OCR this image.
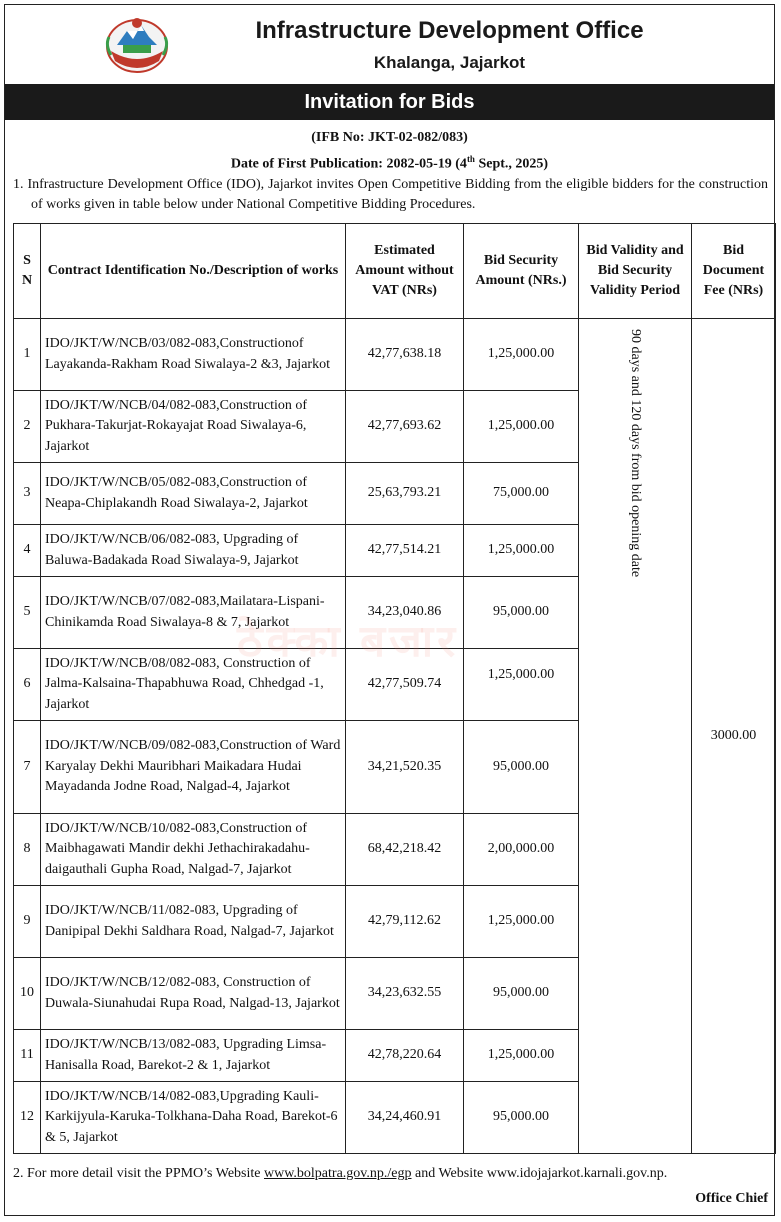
Infrastructure Development Office
Khalanga, Jajarkot
Invitation for Bids
(IFB No: JKT-02-082/083)
Date of First Publication: 2082-05-19 (4th Sept., 2025)
1. Infrastructure Development Office (IDO), Jajarkot invites Open Competitive Bidding from the eligible bidders for the construction of works given in table below under National Competitive Bidding Procedures.
S N	Contract Identification No./Description of works	Estimated Amount without VAT (NRs)	Bid Security Amount (NRs.)	Bid Validity and Bid Security Validity Period	Bid Document Fee (NRs)
1	IDO/JKT/W/NCB/03/082-083,Constructionof Layakanda-Rakham Road Siwalaya-2 &3, Jajarkot	42,77,638.18	1,25,000.00	90 days and 120 days from bid opening date	3000.00
2	IDO/JKT/W/NCB/04/082-083,Construction of Pukhara-Takurjat-Rokayajat Road Siwalaya-6, Jajarkot	42,77,693.62	1,25,000.00		
3	IDO/JKT/W/NCB/05/082-083,Construction of Neapa-Chiplakandh Road Siwalaya-2, Jajarkot	25,63,793.21	75,000.00		
4	IDO/JKT/W/NCB/06/082-083, Upgrading of Baluwa-Badakada Road Siwalaya-9, Jajarkot	42,77,514.21	1,25,000.00		
5	IDO/JKT/W/NCB/07/082-083,Mailatara-Lispani-Chinikamda Road Siwalaya-8 & 7, Jajarkot	34,23,040.86	95,000.00		
6	IDO/JKT/W/NCB/08/082-083, Construction of Jalma-Kalsaina-Thapabhuwa Road, Chhedgad -1, Jajarkot	42,77,509.74	1,25,000.00		
7	IDO/JKT/W/NCB/09/082-083,Construction of Ward Karyalay Dekhi Mauribhari Maikadara Hudai Mayadanda Jodne Road, Nalgad-4, Jajarkot	34,21,520.35	95,000.00		
8	IDO/JKT/W/NCB/10/082-083,Construction of Maibhagawati Mandir dekhi Jethachirakadahu-daigauthali Gupha Road, Nalgad-7, Jajarkot	68,42,218.42	2,00,000.00		
9	IDO/JKT/W/NCB/11/082-083, Upgrading of Danipipal Dekhi Saldhara Road, Nalgad-7, Jajarkot	42,79,112.62	1,25,000.00		
10	IDO/JKT/W/NCB/12/082-083, Construction of Duwala-Siunahudai Rupa Road, Nalgad-13, Jajarkot	34,23,632.55	95,000.00		
11	IDO/JKT/W/NCB/13/082-083, Upgrading Limsa-Hanisalla Road, Barekot-2 & 1, Jajarkot	42,78,220.64	1,25,000.00		
12	IDO/JKT/W/NCB/14/082-083,Upgrading Kauli-Karkijyula-Karuka-Tolkhana-Daha Road, Barekot-6 & 5, Jajarkot	34,24,460.91	95,000.00		
ठेक्का बजार
2. For more detail visit the PPMO’s Website www.bolpatra.gov.np./egp and Website www.idojajarkot.karnali.gov.np.
Office Chief
